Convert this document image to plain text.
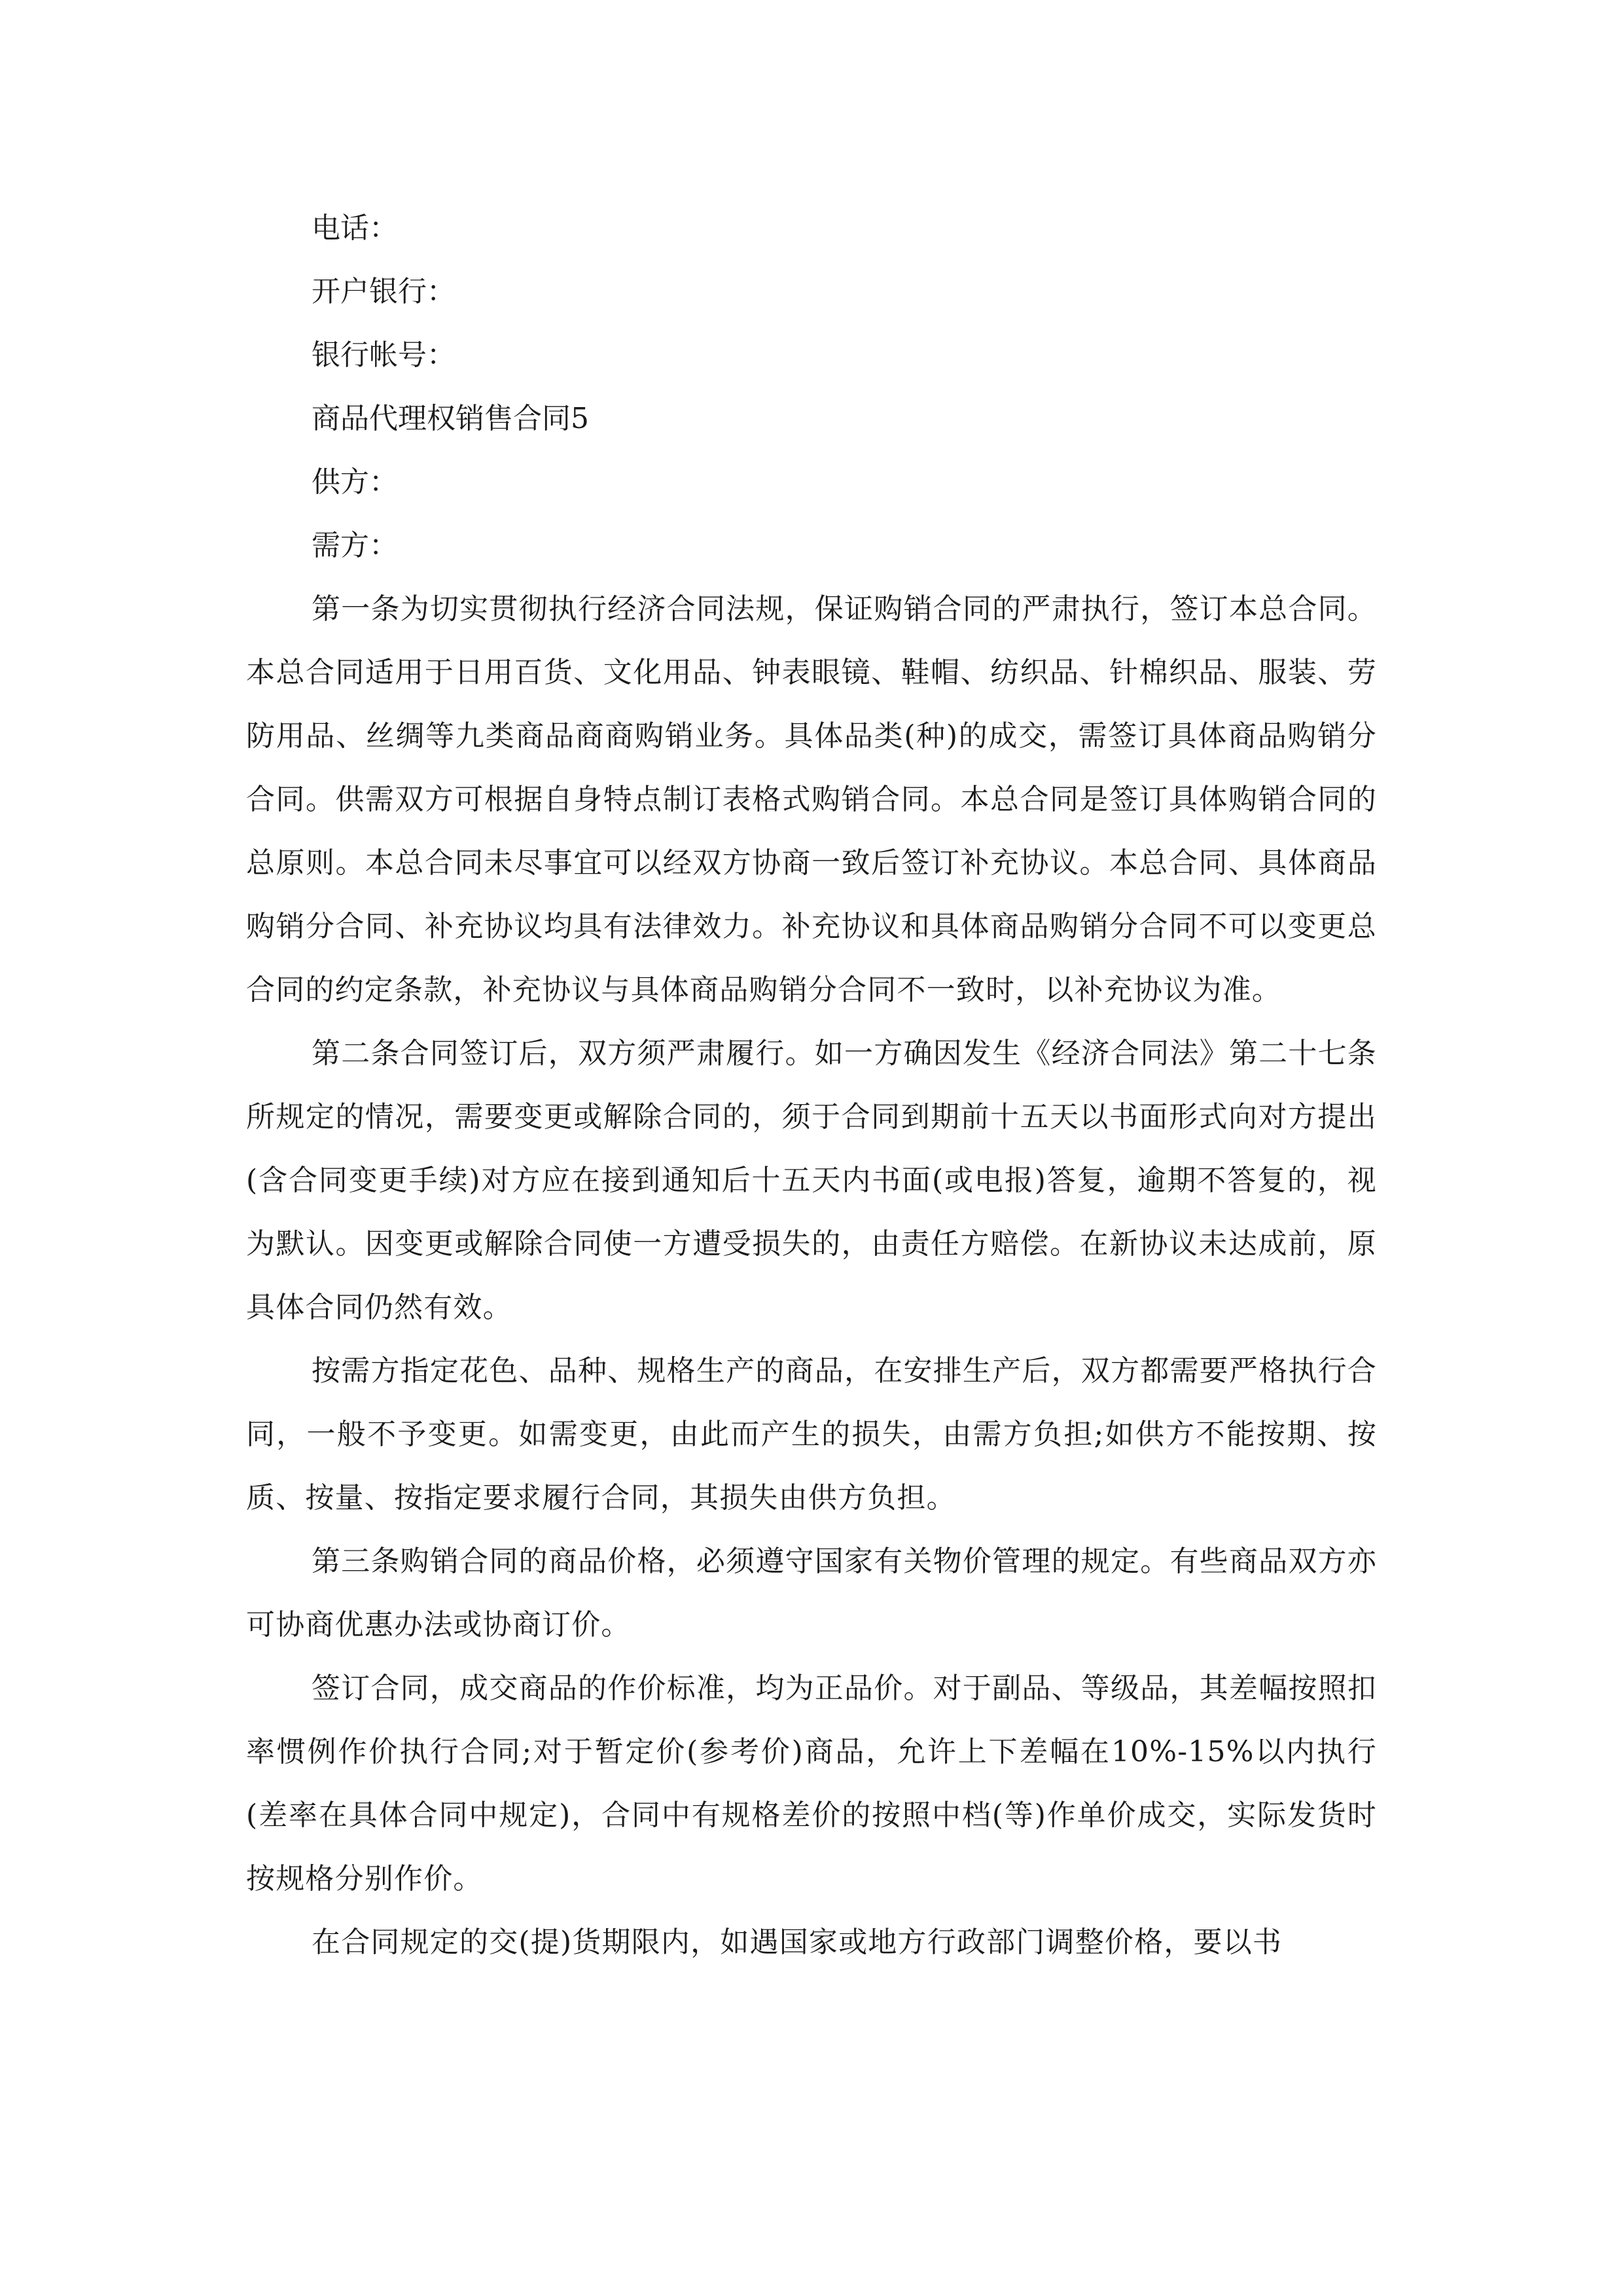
电话：

开户银行：

银行帐号：

商品代理权销售合同5

供方：

需方：

第一条为切实贯彻执行经济合同法规，保证购销合同的严肃执行，签订本总合同。本总合同适用于日用百货、文化用品、钟表眼镜、鞋帽、纺织品、针棉织品、服装、劳防用品、丝绸等九类商品商商购销业务。具体品类(种)的成交，需签订具体商品购销分合同。供需双方可根据自身特点制订表格式购销合同。本总合同是签订具体购销合同的总原则。本总合同未尽事宜可以经双方协商一致后签订补充协议。本总合同、具体商品购销分合同、补充协议均具有法律效力。补充协议和具体商品购销分合同不可以变更总合同的约定条款，补充协议与具体商品购销分合同不一致时，以补充协议为准。

第二条合同签订后，双方须严肃履行。如一方确因发生《经济合同法》第二十七条所规定的情况，需要变更或解除合同的，须于合同到期前十五天以书面形式向对方提出(含合同变更手续)对方应在接到通知后十五天内书面(或电报)答复，逾期不答复的，视为默认。因变更或解除合同使一方遭受损失的，由责任方赔偿。在新协议未达成前，原具体合同仍然有效。

按需方指定花色、品种、规格生产的商品，在安排生产后，双方都需要严格执行合同，一般不予变更。如需变更，由此而产生的损失，由需方负担;如供方不能按期、按质、按量、按指定要求履行合同，其损失由供方负担。

第三条购销合同的商品价格，必须遵守国家有关物价管理的规定。有些商品双方亦可协商优惠办法或协商订价。

签订合同，成交商品的作价标准，均为正品价。对于副品、等级品，其差幅按照扣率惯例作价执行合同;对于暂定价(参考价)商品，允许上下差幅在10%-15%以内执行(差率在具体合同中规定)，合同中有规格差价的按照中档(等)作单价成交，实际发货时按规格分别作价。

在合同规定的交(提)货期限内，如遇国家或地方行政部门调整价格，要以书
